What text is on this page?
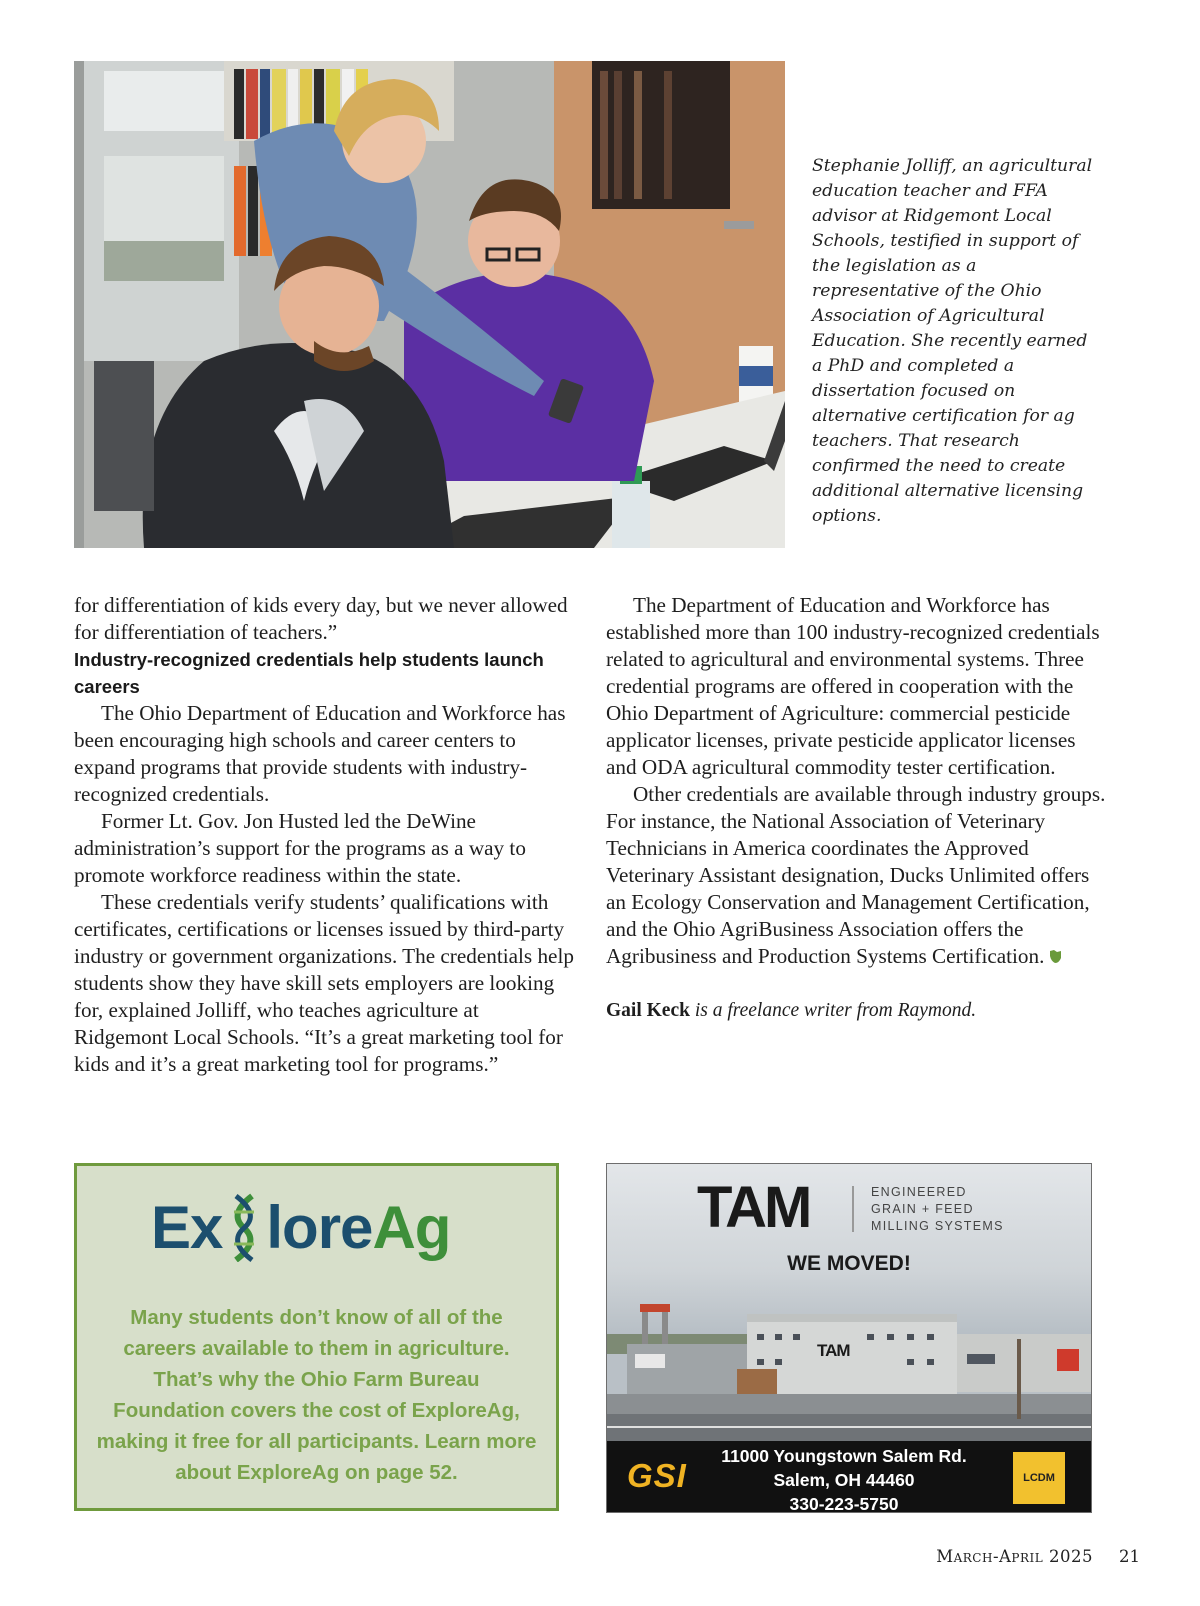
Stephanie Jolliff, an agricultural education teacher and FFA advisor at Ridgemont Local Schools, testified in support of the legislation as a representative of the Ohio Association of Agricultural Education. She recently earned a PhD and completed a dissertation focused on alternative certification for ag teachers. That research confirmed the need to create additional alternative licensing options.

for differentiation of kids every day, but we never allowed for differentiation of teachers.”

Industry-recognized credentials help students launch careers

The Ohio Department of Education and Workforce has been encouraging high schools and career centers to expand programs that provide students with industry-recognized credentials.

Former Lt. Gov. Jon Husted led the DeWine administration’s support for the programs as a way to promote workforce readiness within the state.

These credentials verify students’ qualifications with certificates, certifications or licenses issued by third-party industry or government organizations. The credentials help students show they have skill sets employers are looking for, explained Jolliff, who teaches agriculture at Ridgemont Local Schools. “It’s a great marketing tool for kids and it’s a great marketing tool for programs.”

The Department of Education and Workforce has established more than 100 industry-recognized credentials related to agricultural and environmental systems. Three credential programs are offered in cooperation with the Ohio Department of Agriculture: commercial pesticide applicator licenses, private pesticide applicator licenses and ODA agricultural commodity tester certification.

Other credentials are available through industry groups. For instance, the National Association of Veterinary Technicians in America coordinates the Approved Veterinary Assistant designation, Ducks Unlimited offers an Ecology Conservation and Management Certification, and the Ohio AgriBusiness Association offers the Agribusiness and Production Systems Certification.

Gail Keck is a freelance writer from Raymond.

Ex loreAg
Many students don’t know of all of the careers available to them in agriculture. That’s why the Ohio Farm Bureau Foundation covers the cost of ExploreAg, making it free for all participants. Learn more about ExploreAg on page 52.
TAM	ENGINEERED
GRAIN + FEED
MILLING SYSTEMS
WE MOVED!
TAM
GSI
11000 Youngstown Salem Rd.
Salem, OH 44460
330-223-5750
LCDM
March-April 2025 21
